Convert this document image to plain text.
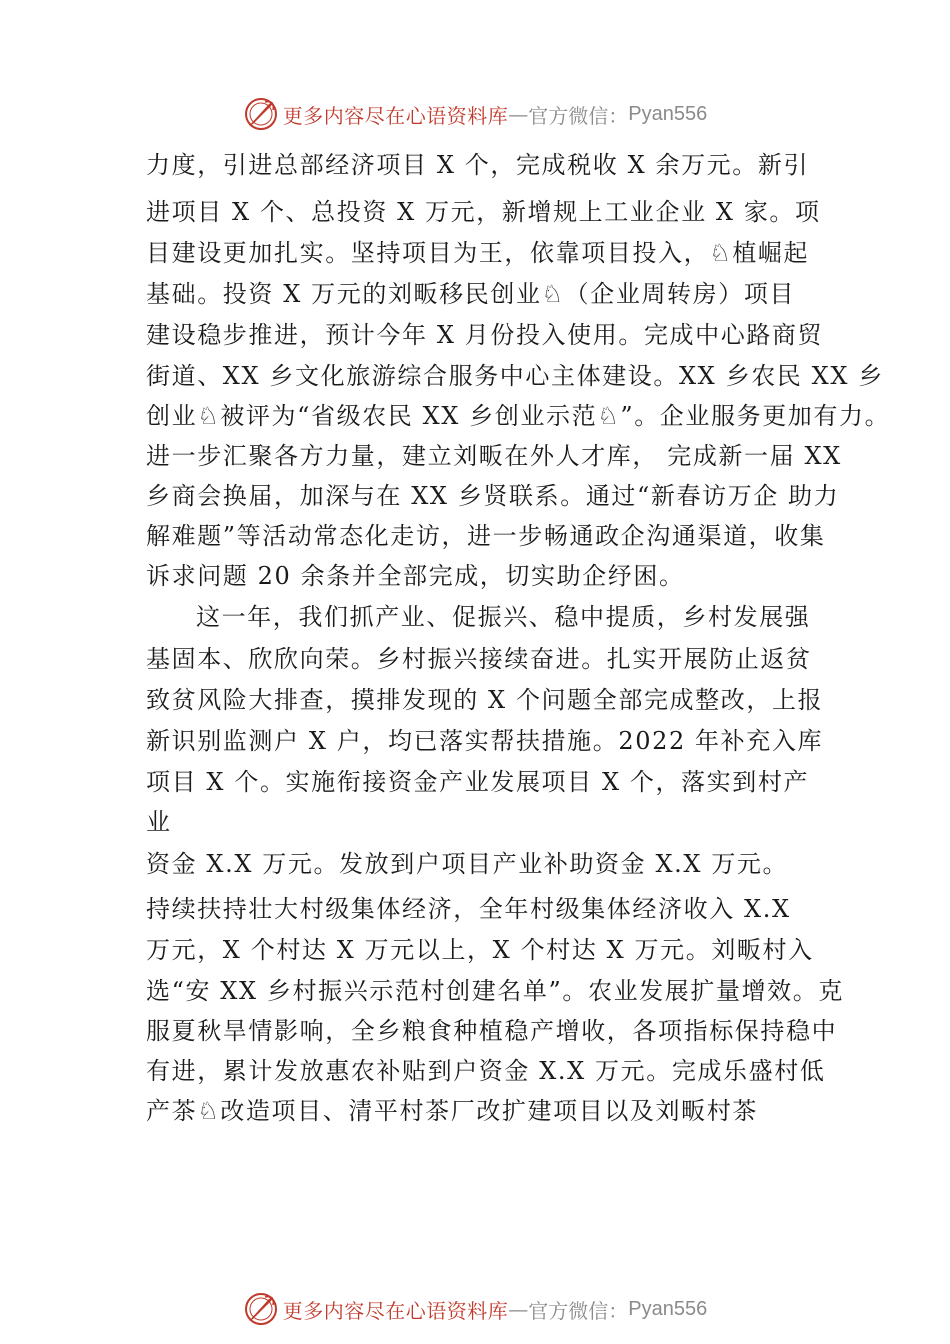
更多内容尽在心语资料库 — 官方微信： Pyan556
力度，引进总部经济项目 X 个，完成税收 X 余万元。新引
进项目 X 个、总投资 X 万元，新增规上工业企业 X 家。项
目建设更加扎实。坚持项目为王，依靠项目投入，♘植崛起
基础。投资 X 万元的刘畈移民创业♘（企业周转房）项目
建设稳步推进，预计今年 X 月份投入使用。完成中心路商贸
街道、XX 乡文化旅游综合服务中心主体建设。XX 乡农民 XX 乡
创业♘被评为“省级农民 XX 乡创业示范♘”。企业服务更加有力。
进一步汇聚各方力量，建立刘畈在外人才库， 完成新一届 XX
乡商会换届，加深与在 XX 乡贤联系。通过“新春访万企 助力
解难题”等活动常态化走访，进一步畅通政企沟通渠道，收集
诉求问题 20 余条并全部完成，切实助企纾困。
这一年，我们抓产业、促振兴、稳中提质，乡村发展强
基固本、欣欣向荣。乡村振兴接续奋进。扎实开展防止返贫
致贫风险大排查，摸排发现的 X 个问题全部完成整改，上报
新识别监测户 X 户，均已落实帮扶措施。2022 年补充入库
项目 X 个。实施衔接资金产业发展项目 X 个，落实到村产
业
资金 X.X 万元。发放到户项目产业补助资金 X.X 万元。
持续扶持壮大村级集体经济，全年村级集体经济收入 X.X
万元，X 个村达 X 万元以上，X 个村达 X 万元。刘畈村入
选“安 XX 乡村振兴示范村创建名单”。农业发展扩量增效。克
服夏秋旱情影响，全乡粮食种植稳产增收，各项指标保持稳中
有进，累计发放惠农补贴到户资金 X.X 万元。完成乐盛村低
产茶♘改造项目、清平村茶厂改扩建项目以及刘畈村茶
更多内容尽在心语资料库 — 官方微信： Pyan556
